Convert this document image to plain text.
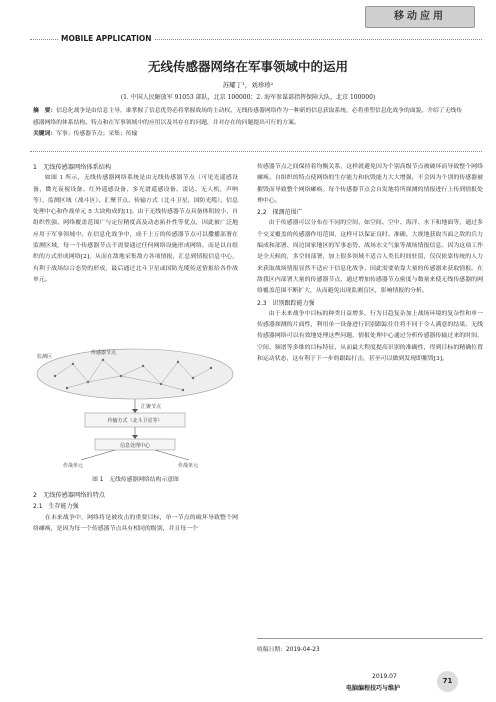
移动应用
MOBILE APPLICATION
无线传感器网络在军事领域中的运用
苏耀丁¹，刘珍珍²
(1. 中国人民解放军 91053 部队，北京 100000；2. 海军参谋部指挥保障大队，北京 100000)
摘　要：信息化战争是由信息主导，谁掌握了信息优势必将掌握战场的主动权。无线传感器网络作为一种新的信息获取系统，必将重塑信息化战争的面貌。介绍了无线传感器网络的体系结构、特点和在军事领域中的应用以及其存在的问题，并对存在的问题提出可行的方案。
关键词：军事；传感器节点；采集；传输
1　无线传感器网络体系结构

如图 1 所示，无线传感器网络系统是由无线传感器节点（可见光遥感设备、微光夜视设备、红外遥感设备、多光谱遥感设备、雷达、无人机、声呐等）、监测区域（战斗区）、汇聚节点、传输方式（北斗卫星、国防光缆）、信息处理中心和作战单元 5 大块构成的[1]。由于无线传感器节点具备体积较小、自组织性强、网络覆盖范围广与定位精度高及动态拓扑性等优点，因此被广泛地应用于军事领域中。在信息化战争中，成千上万的传感器节点可以撒播部署在监测区域，每一个传感器节点不需要通过任何网络设施形成网络，而是以自组织的方式形成网络[2]，从而在敌地采集敌方各项情报，汇总到情报信息中心，有利于战场综合态势的形成，最后通过北斗卫星或国防光缆传送情报给各作战单元。

监测区
传感器节点
汇聚节点
传输方式（北斗卫星等）
信息处理中心
作战单元	作战单元
图 1　无线传感器网络结构示意图
2　无线传感器网络的特点
2.1　生存能力强

在未来战争中，网络将是被攻击的重要目标，单一节点的破坏导致整个网络瘫痪，是因为每一个传感器节点具有相同的级别，并且每一个

传感器节点之间保持着均衡关系，这样就避免因为个别高级节点被破坏而导致整个网络瘫痪。自组织的特点使网络的生存能力和抗毁能力大大增强，不会因为个别的传感器被摧毁而导致整个网络瘫痪。每个传感器节点会自发地将所探测的情报进行上传到情报处理中心。

2.2　探测范围广

由于传感器可以分布在不同的空间，如空间、空中、海洋、水下和地面等，通过多个交叉覆盖的传感器作用范围，这样可以保证良时、准确、大规地获取当面之敌的兵力编成和部署、周边国家地区的军事态势、战场水文气象等战场情报信息。因为这项工作是全天候的，多空间部署，加上很多领域不适合人类长时间驻留，仅仅依靠传统的人力来获取战场情报显然不适应于信息化战争，因此需要依靠大量的传感器来获取情报。在敌我区内部署大量的传感器节点，通过增加传感器节点密度与数量来使无线传感器的网络覆盖范围不断扩大，从而避免出现监测盲区，影响情报的分析。

2.3　识别跟踪能力强

由于未来战争中目标的种类日益增多，行为日趋复杂加上战场环境的复杂性和单一传感器探测的片面性，利用单一设备进行识别跟踪往往将不同于令人满意的结果。无线传感器网络可以有效地处理这些问题，情报处理中心通过分析传感器传输过来的时间、空间、频谱等多维的目标特征，从而最大程度提高识别的准确性，得到目标的精确位置和运动状态，这有利于下一步的跟踪打击，甚至可以做到发现即摧毁[3]。

收稿日期：2019-04-23
2019.07
电脑编程技巧与维护
71
